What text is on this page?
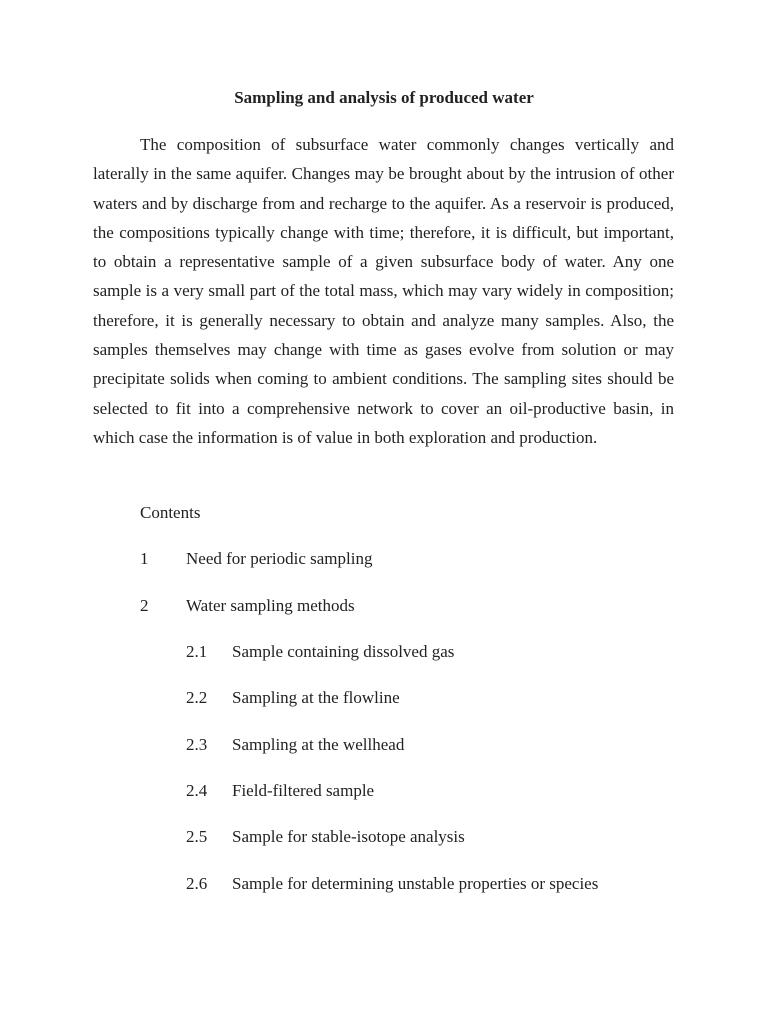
Sampling and analysis of produced water

The composition of subsurface water commonly changes vertically and laterally in the same aquifer. Changes may be brought about by the intrusion of other waters and by discharge from and recharge to the aquifer. As a reservoir is produced, the compositions typically change with time; therefore, it is difficult, but important, to obtain a representative sample of a given subsurface body of water. Any one sample is a very small part of the total mass, which may vary widely in composition; therefore, it is generally necessary to obtain and analyze many samples. Also, the samples themselves may change with time as gases evolve from solution or may precipitate solids when coming to ambient conditions. The sampling sites should be selected to fit into a comprehensive network to cover an oil-productive basin, in which case the information is of value in both exploration and production.

Contents

1 Need for periodic sampling
2 Water sampling methods
2.1 Sample containing dissolved gas
2.2 Sampling at the flowline
2.3 Sampling at the wellhead
2.4 Field-filtered sample
2.5 Sample for stable-isotope analysis
2.6 Sample for determining unstable properties or species
